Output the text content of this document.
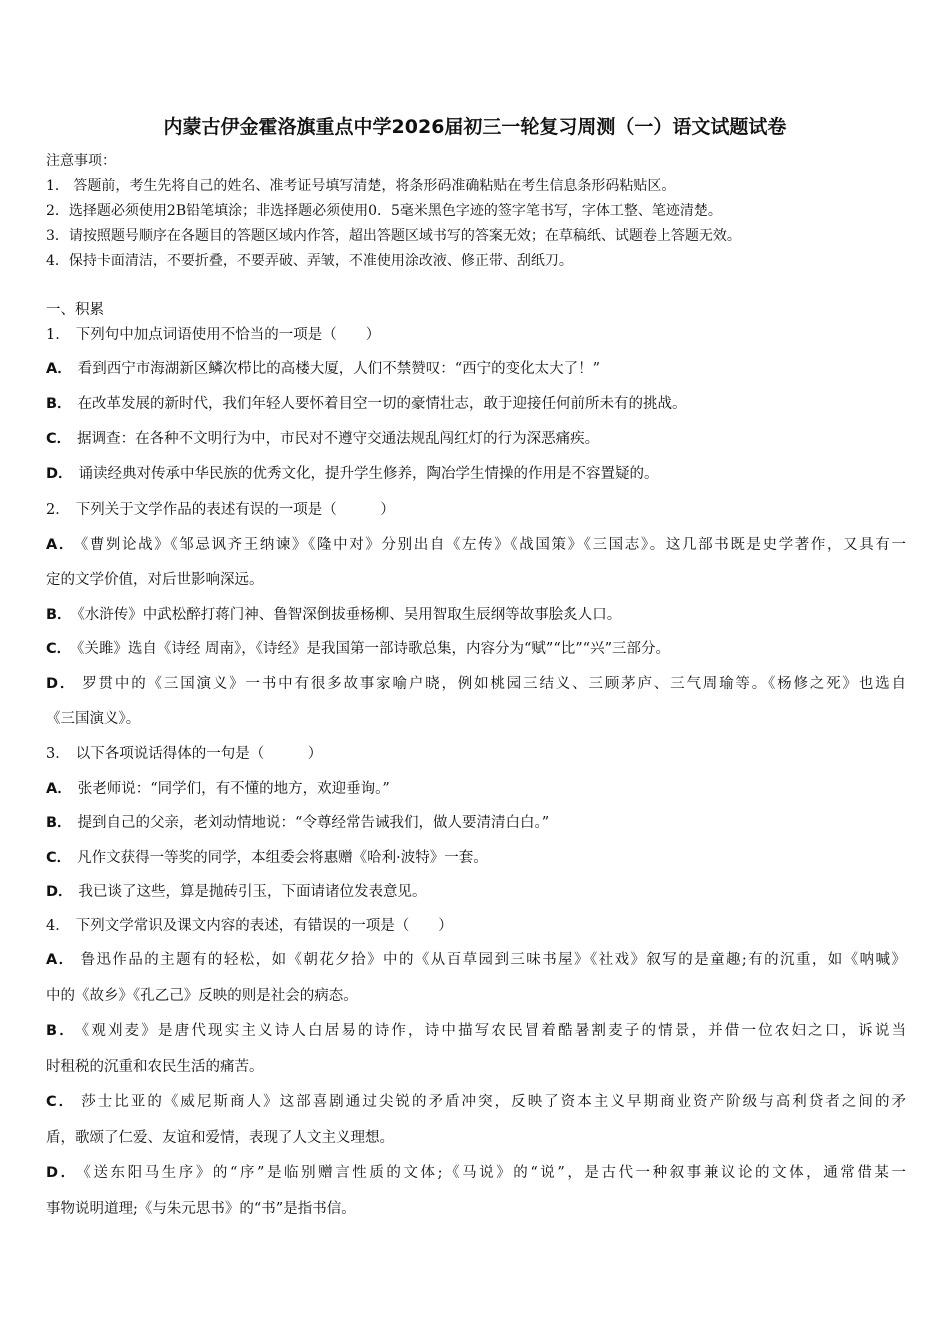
内蒙古伊金霍洛旗重点中学2026届初三一轮复习周测（一）语文试题试卷
注意事项：
1． 答题前，考生先将自己的姓名、准考证号填写清楚，将条形码准确粘贴在考生信息条形码粘贴区。
2．选择题必须使用2B铅笔填涂；非选择题必须使用0．5毫米黑色字迹的签字笔书写，字体工整、笔迹清楚。
3．请按照题号顺序在各题目的答题区域内作答，超出答题区域书写的答案无效；在草稿纸、试题卷上答题无效。
4．保持卡面清洁，不要折叠，不要弄破、弄皱，不准使用涂改液、修正带、刮纸刀。
一、积累
1． 下列句中加点词语使用不恰当的一项是（　　）
A． 看到西宁市海湖新区鳞次栉比的高楼大厦，人们不禁赞叹：“西宁的变化太大了！”
B． 在改革发展的新时代，我们年轻人要怀着目空一切的豪情壮志，敢于迎接任何前所未有的挑战。
C． 据调查：在各种不文明行为中，市民对不遵守交通法规乱闯红灯的行为深恶痛疾。
D． 诵读经典对传承中华民族的优秀文化，提升学生修养，陶冶学生情操的作用是不容置疑的。
2． 下列关于文学作品的表述有误的一项是（　　　）
A． 《曹刿论战》《邹忌讽齐王纳谏》《隆中对》分别出自《左传》《战国策》《三国志》。这几部书既是史学著作，又具有一
定的文学价值，对后世影响深远。
B． 《水浒传》中武松醉打蒋门神、鲁智深倒拔垂杨柳、吴用智取生辰纲等故事脍炙人口。
C． 《关雎》选自《诗经 周南》，《诗经》是我国第一部诗歌总集，内容分为“赋”“比”“兴”三部分。
D． 罗贯中的《三国演义》一书中有很多故事家喻户晓，例如桃园三结义、三顾茅庐、三气周瑜等。《杨修之死》也选自
《三国演义》。
3． 以下各项说话得体的一句是（　　　）
A． 张老师说：“同学们，有不懂的地方，欢迎垂询。”
B． 提到自己的父亲，老刘动情地说：“令尊经常告诫我们，做人要清清白白。”
C． 凡作文获得一等奖的同学，本组委会将惠赠《哈利·波特》一套。
D． 我已谈了这些，算是抛砖引玉，下面请诸位发表意见。
4． 下列文学常识及课文内容的表述，有错误的一项是（　　）
A． 鲁迅作品的主题有的轻松，如《朝花夕拾》中的《从百草园到三味书屋》《社戏》叙写的是童趣;有的沉重，如《呐喊》
中的《故乡》《孔乙己》反映的则是社会的病态。
B． 《观刈麦》是唐代现实主义诗人白居易的诗作，诗中描写农民冒着酷暑割麦子的情景，并借一位农妇之口，诉说当
时租税的沉重和农民生活的痛苦。
C． 莎士比亚的《威尼斯商人》这部喜剧通过尖锐的矛盾冲突，反映了资本主义早期商业资产阶级与高利贷者之间的矛
盾，歌颂了仁爱、友谊和爱情，表现了人文主义理想。
D． 《送东阳马生序》的“序”是临别赠言性质的文体;《马说》的“说”，是古代一种叙事兼议论的文体，通常借某一
事物说明道理;《与朱元思书》的“书”是指书信。
